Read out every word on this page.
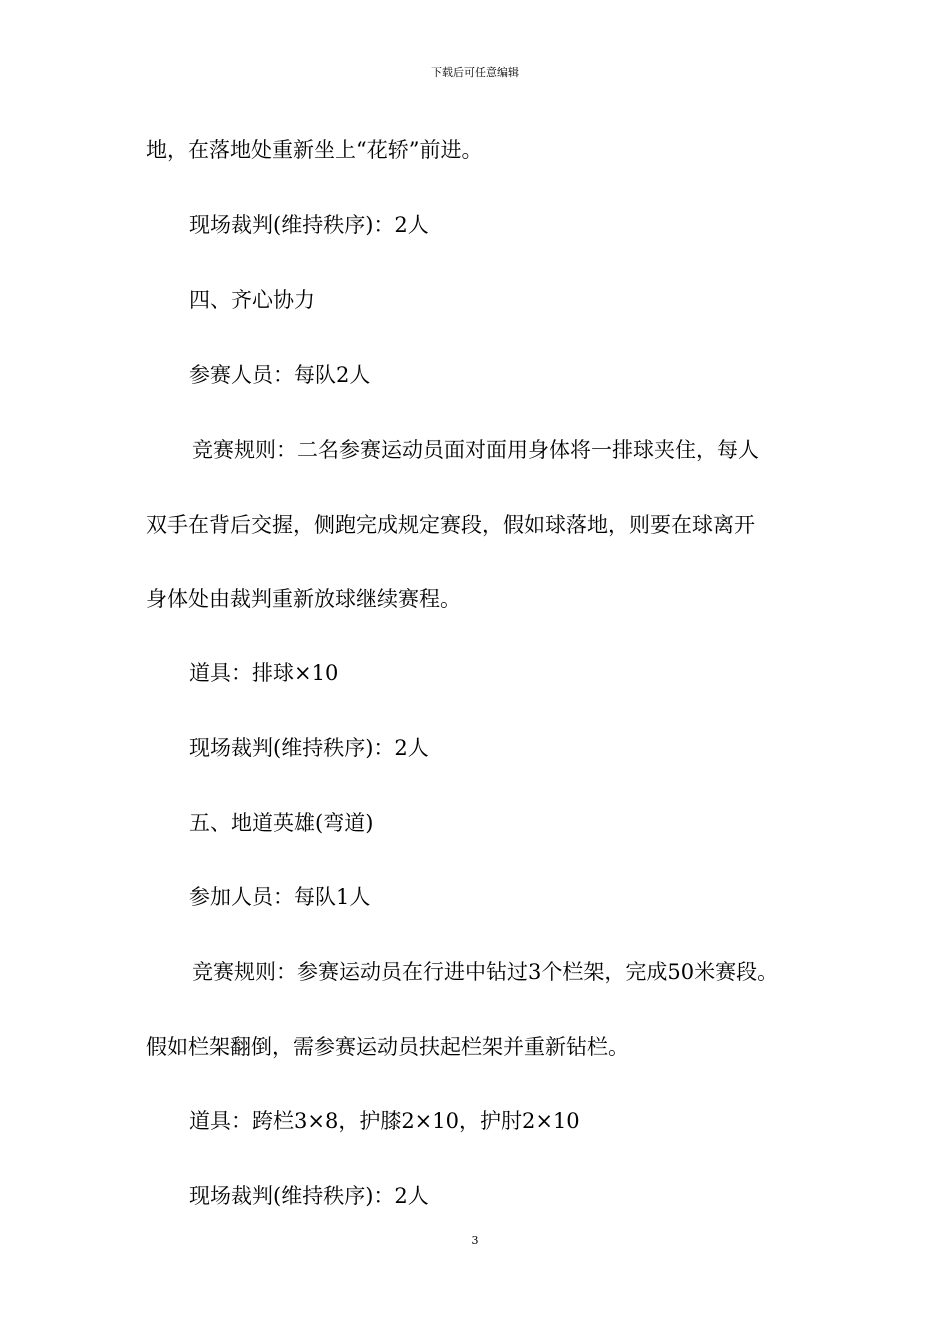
下载后可任意编辑
地，在落地处重新坐上“花轿”前进。
现场裁判(维持秩序)：2人
四、齐心协力
参赛人员：每队2人
竞赛规则：二名参赛运动员面对面用身体将一排球夹住，每人
双手在背后交握，侧跑完成规定赛段，假如球落地，则要在球离开
身体处由裁判重新放球继续赛程。
道具：排球×10
现场裁判(维持秩序)：2人
五、地道英雄(弯道)
参加人员：每队1人
竞赛规则：参赛运动员在行进中钻过3个栏架，完成50米赛段。
假如栏架翻倒，需参赛运动员扶起栏架并重新钻栏。
道具：跨栏3×8，护膝2×10，护肘2×10
现场裁判(维持秩序)：2人
3
